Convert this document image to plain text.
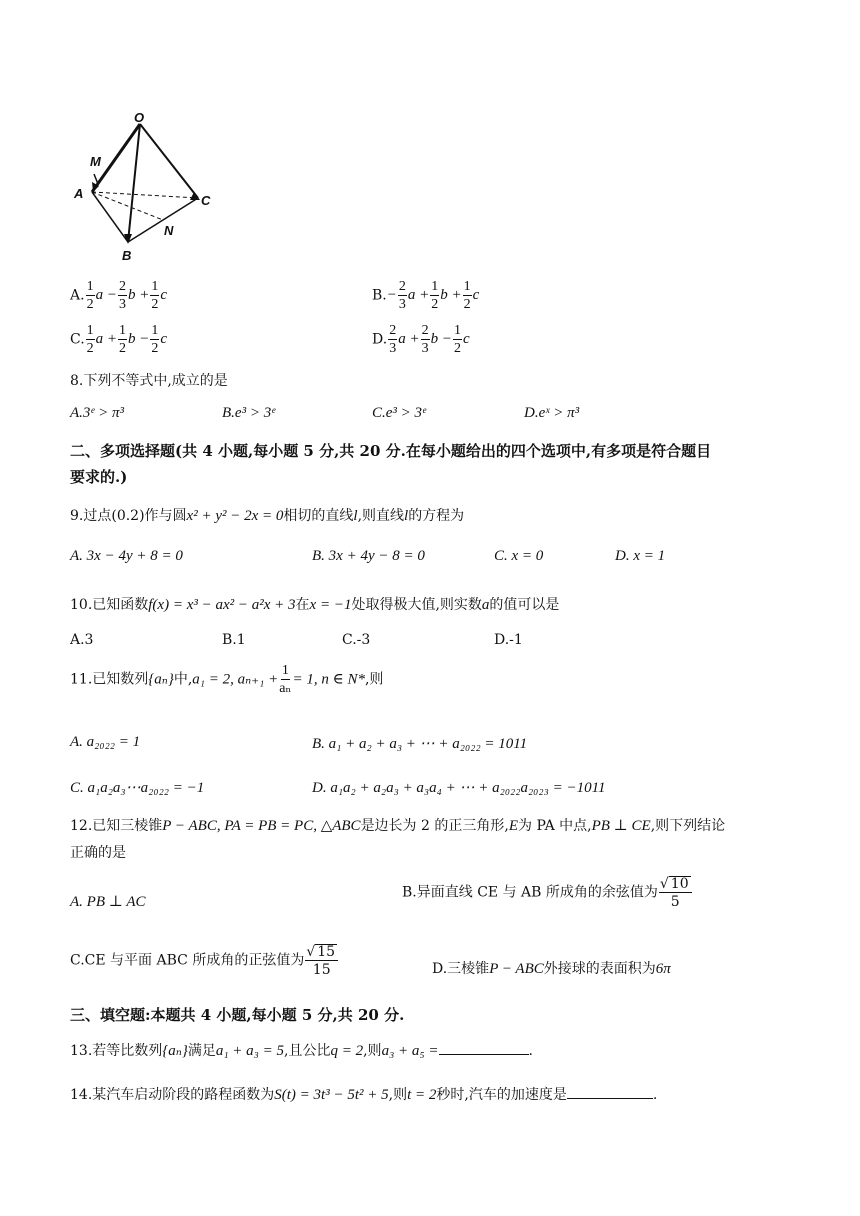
O
M
A	C
N
B
A. $\frac{1}{2}$ $a - \frac{2}{3}$ $b + \frac{1}{2}$ c	$B.- \frac{2}{3}$ $a + \frac{1}{2}$ $b + \frac{1}{2}$ c
C. $\frac{1}{2}$ $a + \frac{1}{2}$ $b - \frac{1}{2}$ c	D. $\frac{2}{3}$ $a + \frac{2}{3}$ $b - \frac{1}{2}$ c
8.下列不等式中,成立的是
A.3ᵉ > π³	B.e³ > 3ᵉ	C.e³ > 3ᵉ	D.eˣ > π³
二、多项选择题(共 4 小题,每小题 5 分,共 20 分.在每小题给出的四个选项中,有多项是符合题目
要求的.)
9.过点(0.2)作与圆x² + y² − 2x = 0相切的直线l,则直线l的方程为
A. 3x − 4y + 8 = 0	B. 3x + 4y − 8 = 0	C. x = 0	D. x = 1
10.已知函数f(x) = x³ − ax² − a²x + 3在x = −1处取得极大值,则实数a的值可以是
A.3	B.1	C.-3	D.-1
11.已知数列{aₙ}中,a₁ = 2, $a_{n+1} + \frac{1}{\text{aₙ}} = 1$, n ∈ N*,则
A. a₂₀₂₂ = 1	B. a₁ + a₂ + a₃ + ⋯ + a₂₀₂₂ = 1011
C. a₁a₂a₃⋯a₂₀₂₂ = −1	D. a₁a₂ + a₂a₃ + a₃a₄ + ⋯ + a₂₀₂₂a₂₀₂₃ = −1011
12.已知三棱锥P − ABC, PA = PB = PC, △ABC是边长为 2 的正三角形,E为 PA 中点,PB ⊥ CE,则下列结论
正确的是
A. PB ⊥ AC
B.异面直线 CE 与 AB 所成角的余弦值为 $\frac{√ 10}{5}$
C.CE 与平面 ABC 所成角的正弦值为 $\frac{√ 15}{15}$	D.三棱锥P − ABC外接球的表面积为6π
三、填空题:本题共 4 小题,每小题 5 分,共 20 分.
13.若等比数列{aₙ}满足a₁ + a₃ = 5,且公比q = 2,则a₃ + a₅ =	.
14.某汽车启动阶段的路程函数为S(t) = 3t³ − 5t² + 5,则t = 2秒时,汽车的加速度是	.
